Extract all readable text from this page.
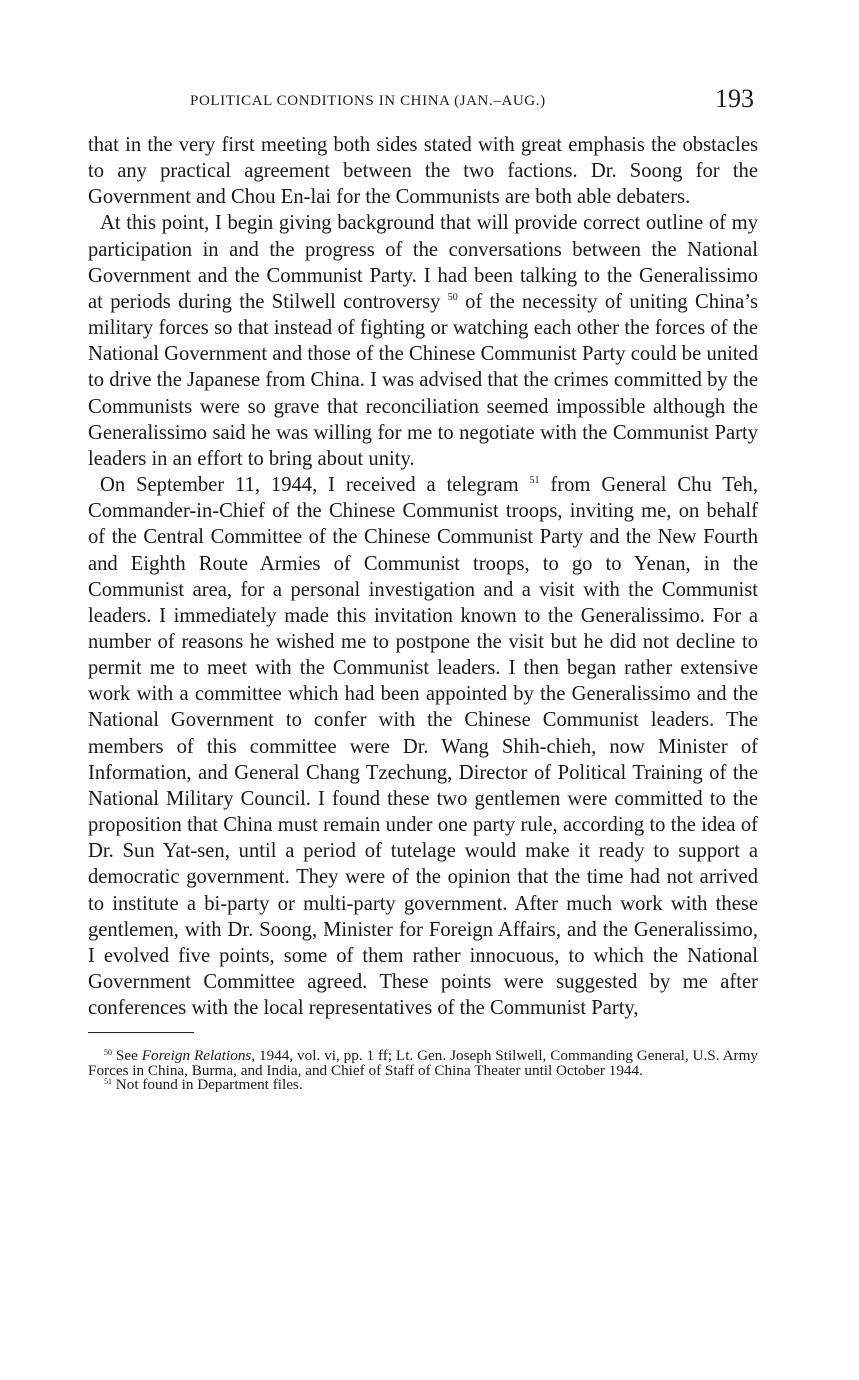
POLITICAL CONDITIONS IN CHINA (JAN.–AUG.)	193

that in the very first meeting both sides stated with great emphasis the obstacles to any practical agreement between the two factions. Dr. Soong for the Government and Chou En-lai for the Communists are both able debaters.

At this point, I begin giving background that will provide correct outline of my participation in and the progress of the conversations between the National Government and the Communist Party. I had been talking to the Generalissimo at periods during the Stilwell controversy $^{50}$ of the necessity of uniting China’s military forces so that instead of fighting or watching each other the forces of the National Government and those of the Chinese Communist Party could be united to drive the Japanese from China. I was advised that the crimes committed by the Communists were so grave that reconciliation seemed impossible although the Generalissimo said he was willing for me to negotiate with the Communist Party leaders in an effort to bring about unity.

On September 11, 1944, I received a telegram $^{51}$ from General Chu Teh, Commander-in-Chief of the Chinese Communist troops, inviting me, on behalf of the Central Committee of the Chinese Communist Party and the New Fourth and Eighth Route Armies of Communist troops, to go to Yenan, in the Communist area, for a personal investigation and a visit with the Communist leaders. I immediately made this invitation known to the Generalissimo. For a number of reasons he wished me to postpone the visit but he did not decline to permit me to meet with the Communist leaders. I then began rather extensive work with a committee which had been appointed by the Generalissimo and the National Government to confer with the Chinese Communist leaders. The members of this committee were Dr. Wang Shih-chieh, now Minister of Information, and General Chang Tzechung, Director of Political Training of the National Military Council. I found these two gentlemen were committed to the proposition that China must remain under one party rule, according to the idea of Dr. Sun Yat-sen, until a period of tutelage would make it ready to support a democratic government. They were of the opinion that the time had not arrived to institute a bi-party or multi-party government. After much work with these gentlemen, with Dr. Soong, Minister for Foreign Affairs, and the Generalissimo, I evolved five points, some of them rather innocuous, to which the National Government Committee agreed. These points were suggested by me after conferences with the local representatives of the Communist Party,

$^{50}$ See Foreign Relations, 1944, vol. vi, pp. 1 ff; Lt. Gen. Joseph Stilwell, Commanding General, U.S. Army Forces in China, Burma, and India, and Chief of Staff of China Theater until October 1944.

$^{51}$ Not found in Department files.
